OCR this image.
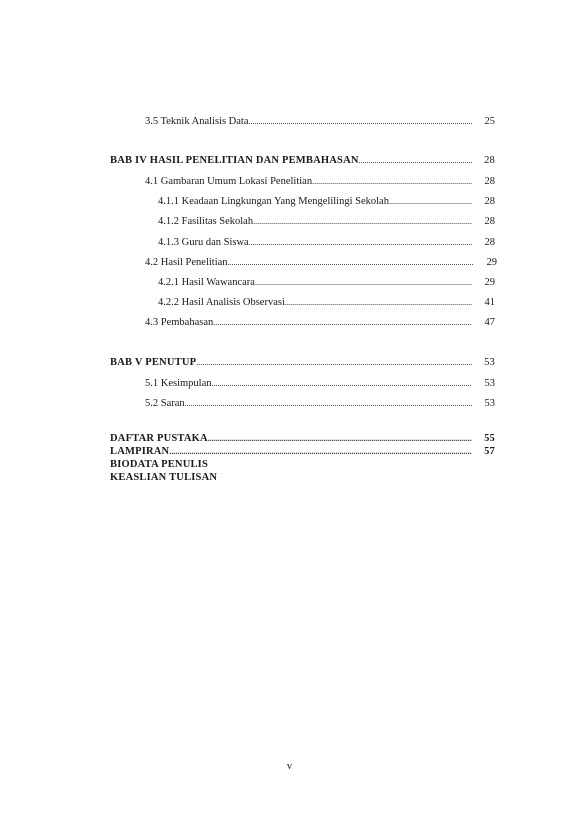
3.5 Teknik Analisis Data .....	25
BAB IV HASIL PENELITIAN DAN PEMBAHASAN .....	28
4.1 Gambaran Umum Lokasi Penelitian .....	28
4.1.1 Keadaan Lingkungan Yang Mengelilingi Sekolah .....	28
4.1.2 Fasilitas Sekolah .....	28
4.1.3 Guru dan Siswa .....	28
4.2 Hasil Penelitian .....	29
4.2.1 Hasil Wawancara .....	29
4.2.2 Hasil Analisis Observasi .....	41
4.3 Pembahasan .....	47
BAB V PENUTUP .....	53
5.1 Kesimpulan .....	53
5.2 Saran .....	53
DAFTAR PUSTAKA .....	55
LAMPIRAN .....	57
BIODATA PENULIS
KEASLIAN TULISAN
v
